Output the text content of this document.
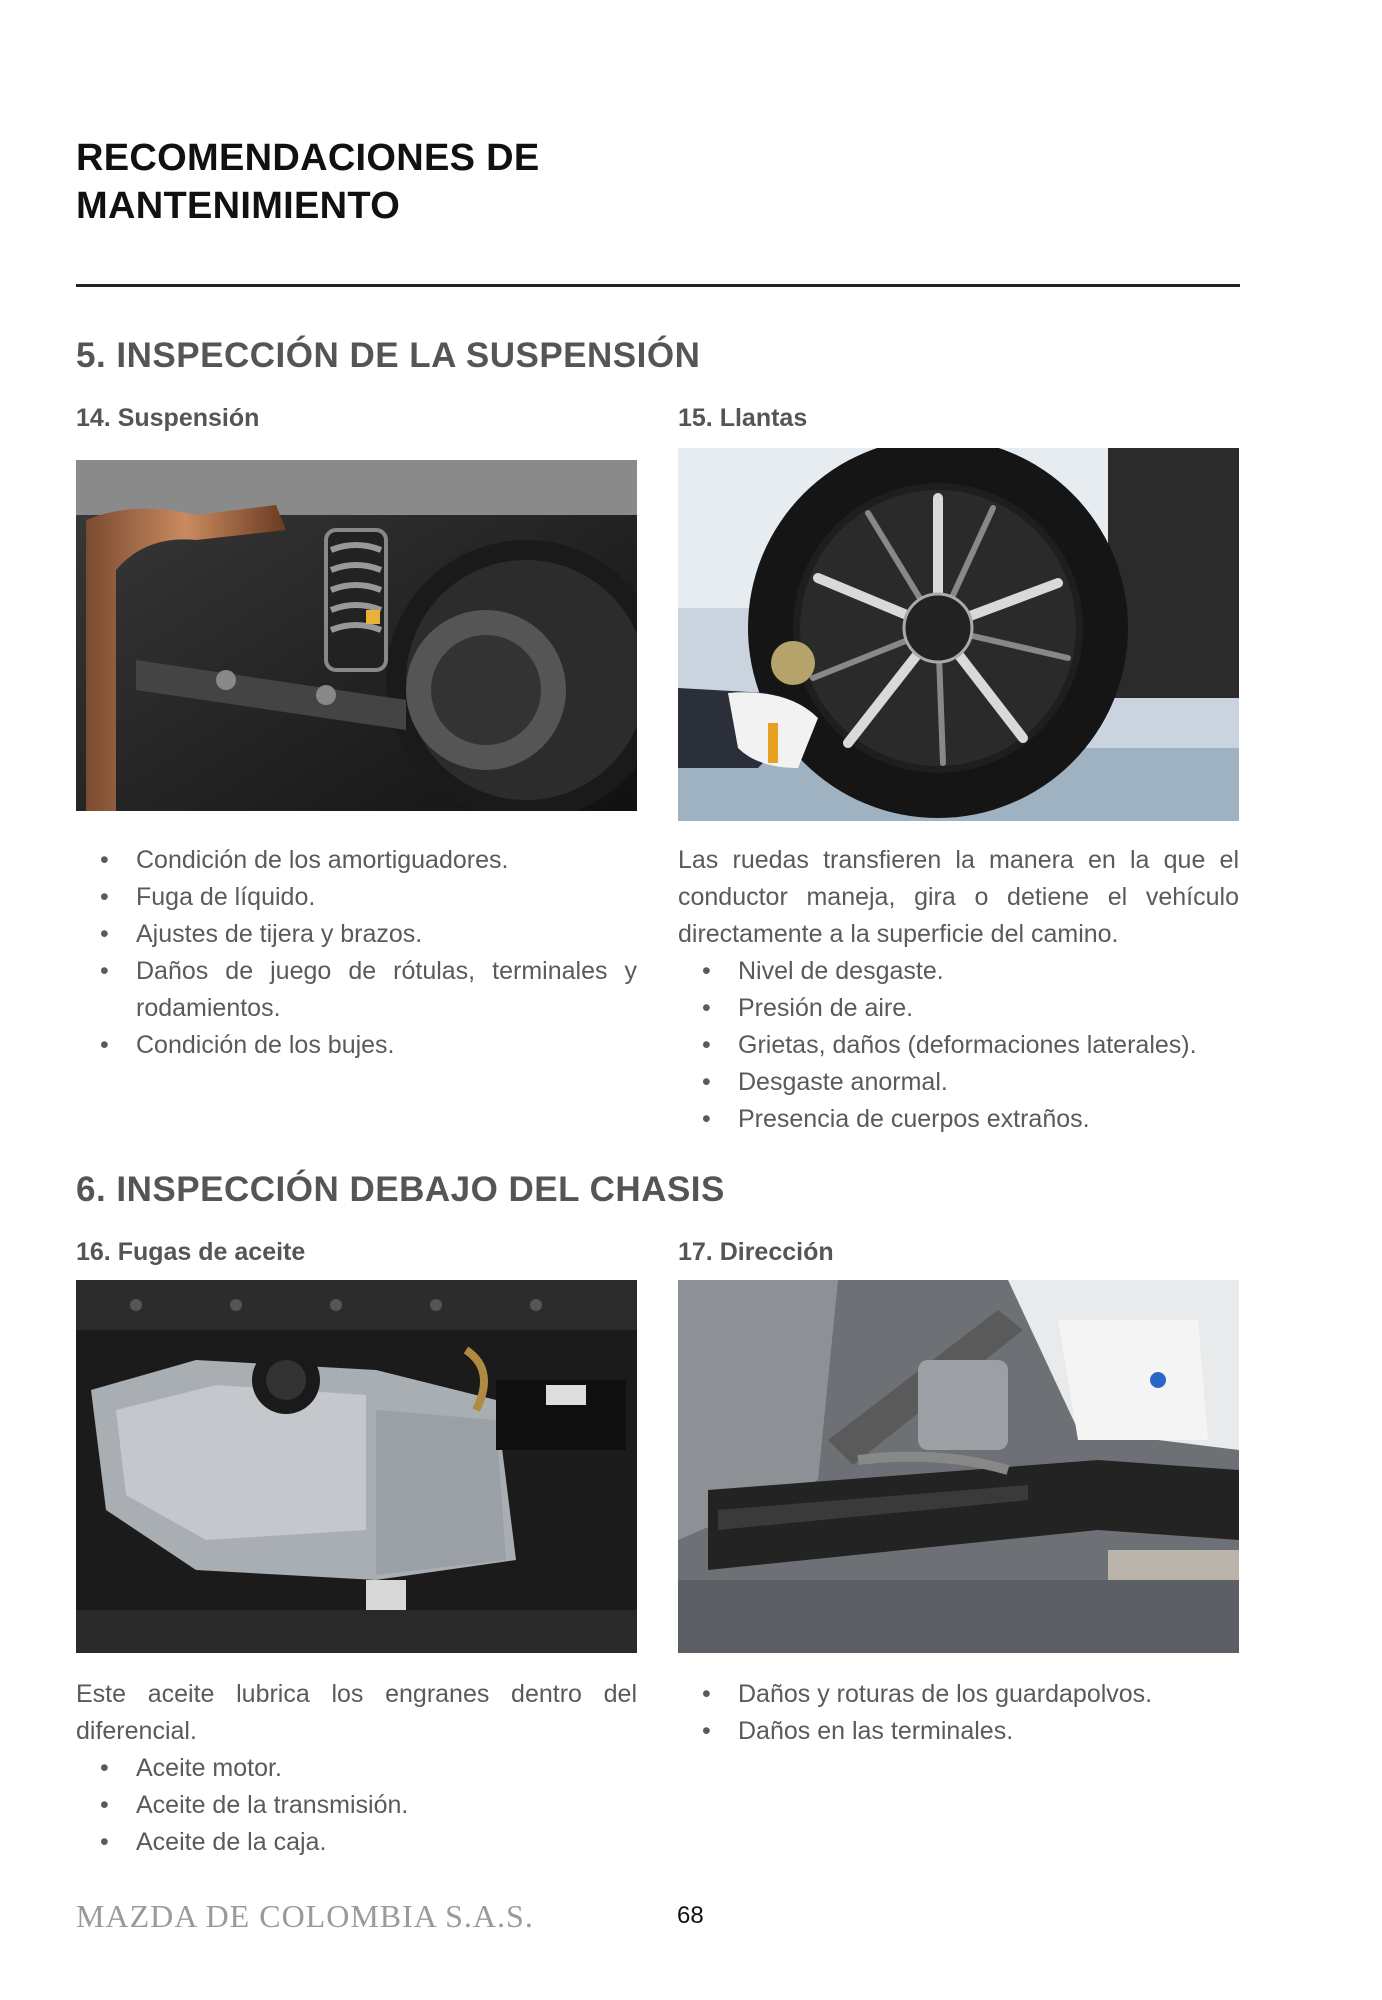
RECOMENDACIONES DE
MANTENIMIENTO
5. INSPECCIÓN DE LA SUSPENSIÓN
14. Suspensión	15. Llantas
• Condición de los amortiguadores.
• Fuga de líquido.
• Ajustes de tijera y brazos.
• Daños de juego de rótulas, terminales y rodamientos.
• Condición de los bujes.

Las ruedas transfieren la manera en la que el conductor maneja, gira o detiene el vehículo directamente a la superficie del camino.

• Nivel de desgaste.
• Presión de aire.
• Grietas, daños (deformaciones laterales).
• Desgaste anormal.
• Presencia de cuerpos extraños.
6. INSPECCIÓN DEBAJO DEL CHASIS
16. Fugas de aceite	17. Dirección

Este aceite lubrica los engranes dentro del diferencial.

• Aceite motor.
• Aceite de la transmisión.
• Aceite de la caja.
• Daños y roturas de los guardapolvos.
• Daños en las terminales.
MAZDA DE COLOMBIA S.A.S.	68
